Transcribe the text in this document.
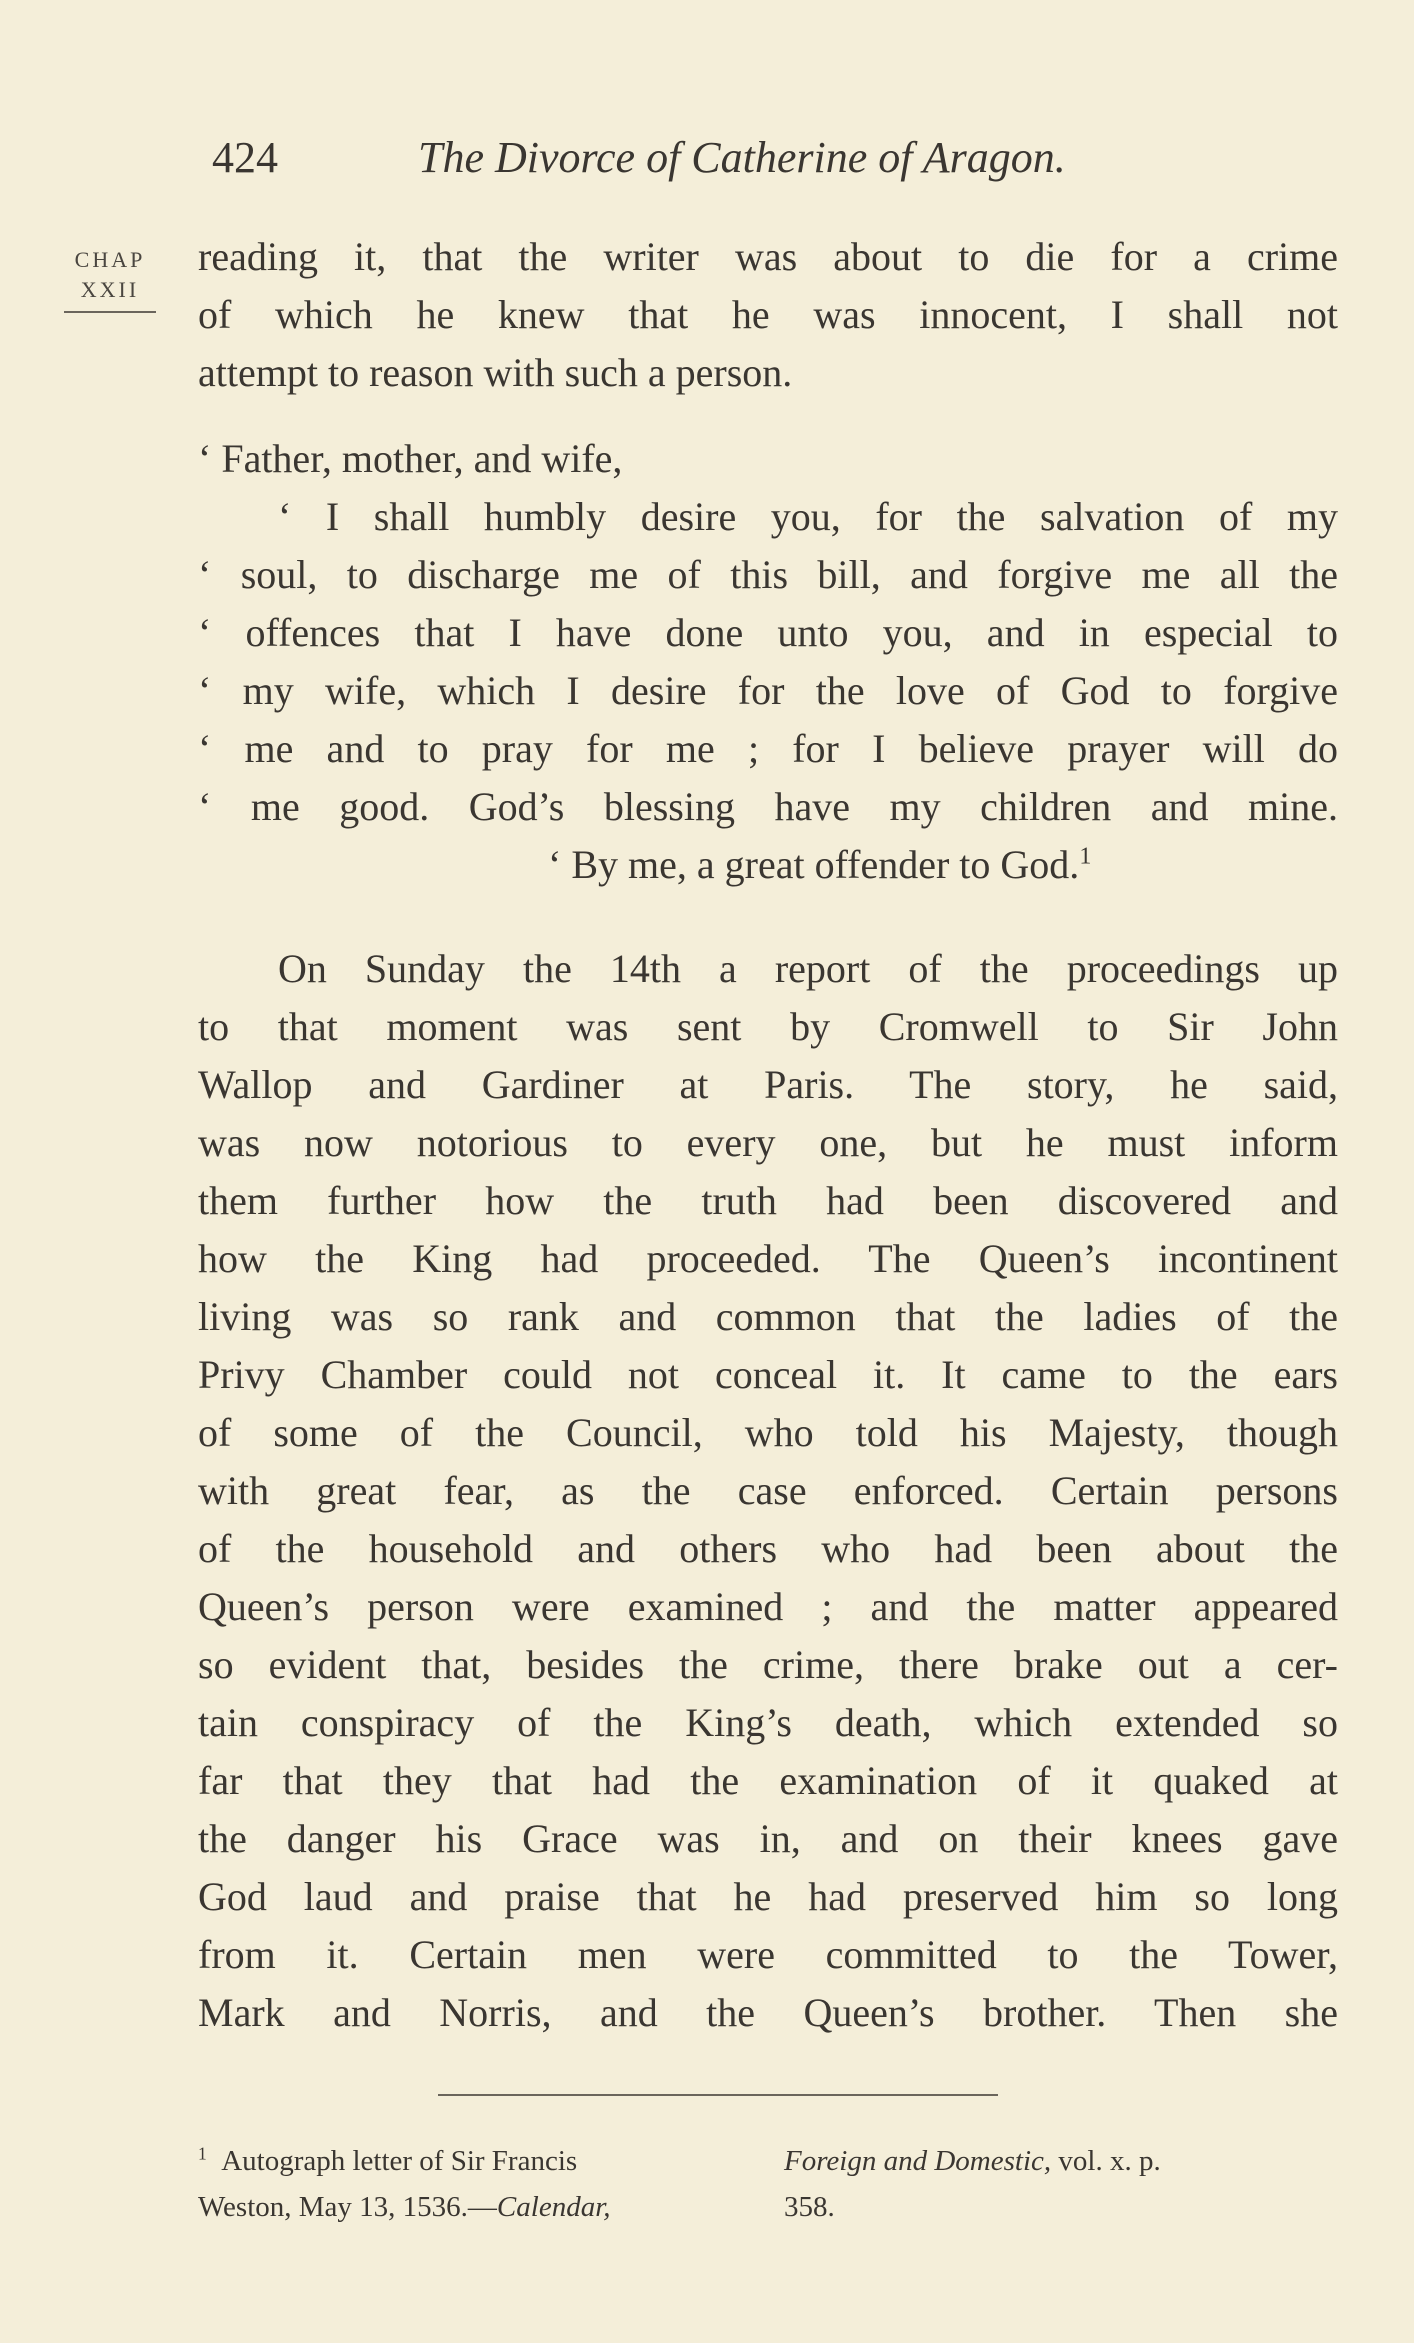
424	The Divorce of Catherine of Aragon.
CHAP
XXII
reading it, that the writer was about to die for a crime
of which he knew that he was innocent, I shall not
attempt to reason with such a person.
‘ Father, mother, and wife,
‘ I shall humbly desire you, for the salvation of my
‘ soul, to discharge me of this bill, and forgive me all the
‘ offences that I have done unto you, and in especial to
‘ my wife, which I desire for the love of God to forgive
‘ me and to pray for me ; for I believe prayer will do
‘ me good. God’s blessing have my children and mine.
‘ By me, a great offender to God.$^1$
On Sunday the 14th a report of the proceedings up
to that moment was sent by Cromwell to Sir John
Wallop and Gardiner at Paris. The story, he said,
was now notorious to every one, but he must inform
them further how the truth had been discovered and
how the King had proceeded. The Queen’s incontinent
living was so rank and common that the ladies of the
Privy Chamber could not conceal it. It came to the ears
of some of the Council, who told his Majesty, though
with great fear, as the case enforced. Certain persons
of the household and others who had been about the
Queen’s person were examined ; and the matter appeared
so evident that, besides the crime, there brake out a cer-
tain conspiracy of the King’s death, which extended so
far that they that had the examination of it quaked at
the danger his Grace was in, and on their knees gave
God laud and praise that he had preserved him so long
from it. Certain men were committed to the Tower,
Mark and Norris, and the Queen’s brother. Then she
$^1$ Autograph letter of Sir Francis
Weston, May 13, 1536.—Calendar,
Foreign and Domestic, vol. x. p.
358.
